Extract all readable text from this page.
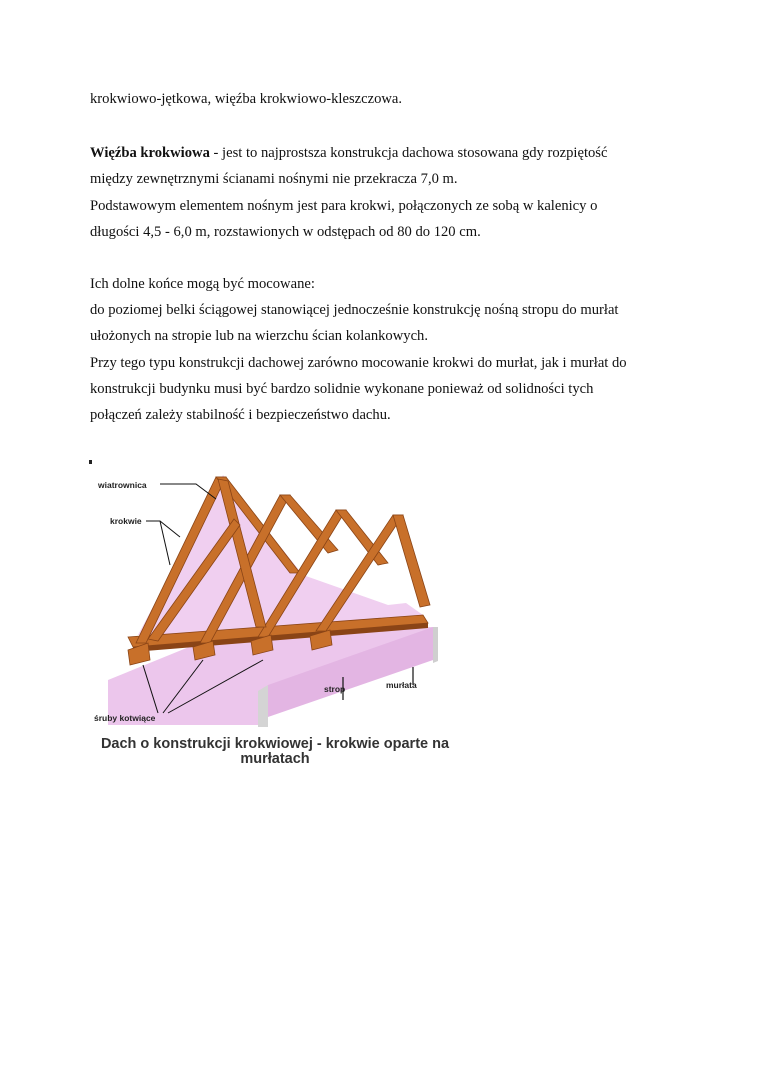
krokwiowo-jętkowa, więźba krokwiowo-kleszczowa.
Więźba krokwiowa - jest to najprostsza konstrukcja dachowa stosowana gdy rozpiętość
między zewnętrznymi ścianami nośnymi nie przekracza 7,0 m.
Podstawowym elementem nośnym jest para krokwi, połączonych ze sobą w kalenicy o
długości 4,5 - 6,0 m, rozstawionych w odstępach od 80 do 120 cm.
Ich dolne końce mogą być mocowane:
do poziomej belki ściągowej stanowiącej jednocześnie konstrukcję nośną stropu do murłat
ułożonych na stropie lub na wierzchu ścian kolankowych.
Przy tego typu konstrukcji dachowej zarówno mocowanie krokwi do murłat, jak i murłat do
konstrukcji budynku musi być bardzo solidnie wykonane ponieważ od solidności tych
połączeń zależy stabilność i bezpieczeństwo dachu.
wiatrownica
krokwie
strop	murłata
śruby kotwiące
Dach o konstrukcji krokwiowej - krokwie oparte na
murłatach
